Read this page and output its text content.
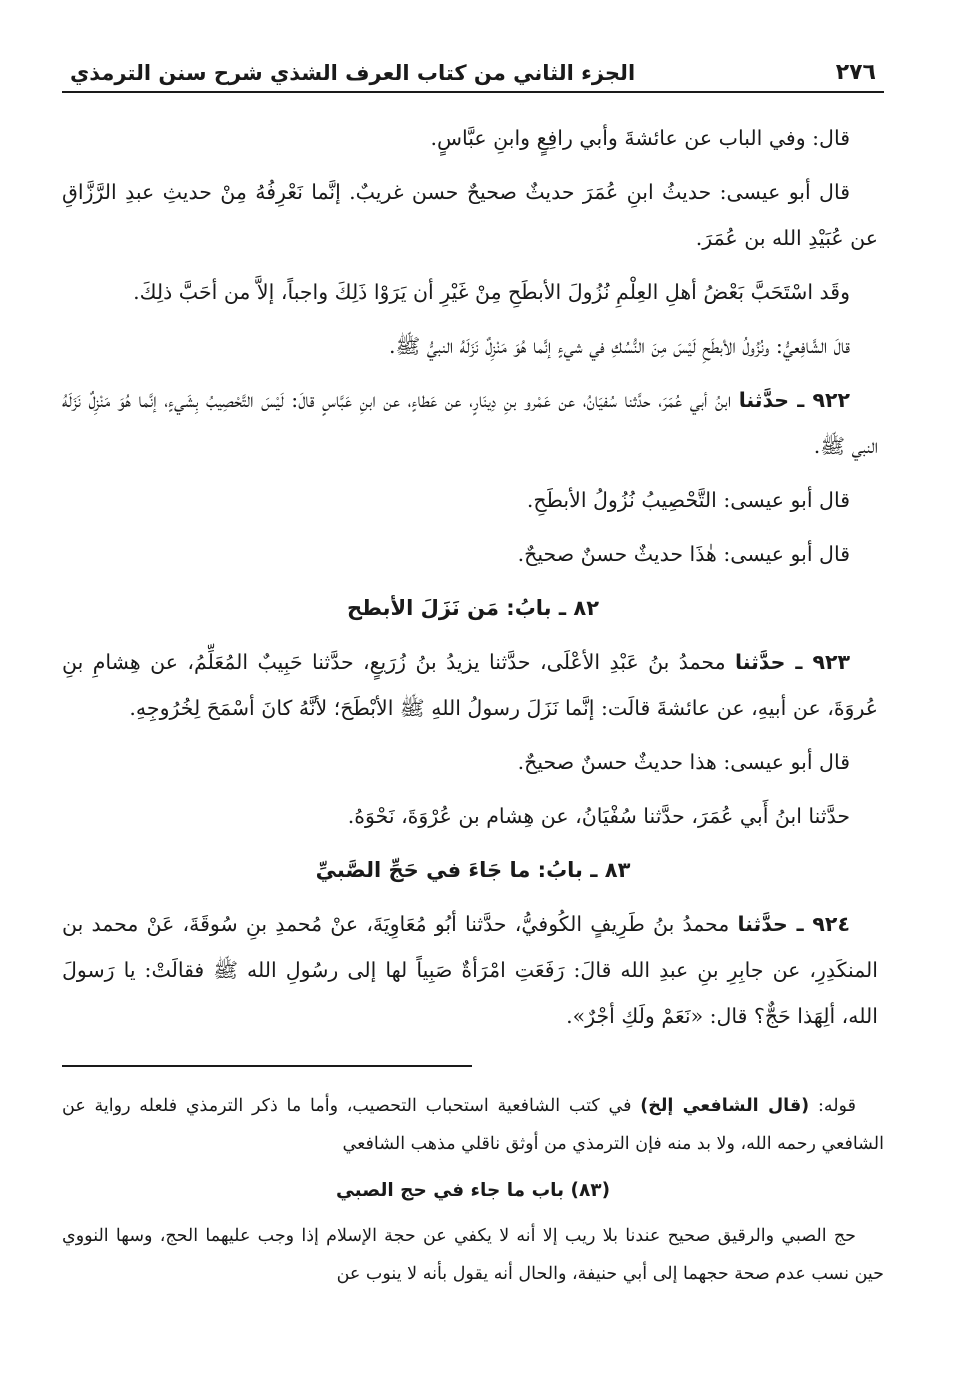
٢٧٦
الجزء الثاني من كتاب العرف الشذي شرح سنن الترمذي

قال: وفي الباب عن عائشةَ وأبي رافِعٍ وابنِ عبَّاسٍ.

قال أبو عيسى: حديثُ ابنِ عُمَرَ حديثٌ صحيحٌ حسن غريبٌ. إنَّما نَعْرِفُهُ مِنْ حديثِ عبدِ الرَّزَّاقِ عن عُبَيْدِ الله بن عُمَرَ.

وقَد اسْتَحَبَّ بَعْضُ أهلِ العِلْمِ نُزُولَ الأبطَحِ مِنْ غَيْرِ أن يَرَوْا ذَلِكَ واجباً، إلاَّ من أحَبَّ ذلِكَ.

قالَ الشَّافِعيُّ: ونُزُولُ الأبطَحِ لَيْسَ مِنَ النُّسُكِ في شيءٍ إنَّما هُوَ مَنْزِلٌ نَزَلَهُ النبيُّ ﷺ.

٩٢٢ ـ حدَّثنا ابنُ أبي عُمَرَ، حدَّثنا سُفيَانُ، عن عَمْرو بنِ دِينَارٍ، عن عَطاءٍ، عن ابنِ عَبَّاسٍ قالَ: لَيْسَ التَّحْصِيبُ بِشَيءٍ، إنَّما هُوَ مَنْزِلٌ نَزَلَهُ النبي ﷺ.

قال أبو عيسى: التَّحْصِيبُ نُزُولُ الأبطَحِ.

قال أبو عيسى: هٰذَا حديثٌ حسنٌ صحيحٌ.

٨٢ ـ بابُ: مَن نَزَلَ الأبطح

٩٢٣ ـ حدَّثنا محمدُ بنُ عَبْدِ الأعْلَى، حدَّثنا يزيدُ بنُ زُرَيعٍ، حدَّثنا حَبِيبٌ المُعَلِّمُ، عن هِشامِ بنِ عُروَةَ، عن أبيهِ، عن عائشةَ قالَت: إنَّما نَزَلَ رسولُ اللهِ ﷺ الأبْطَحَ؛ لأنَّهُ كانَ أسْمَحَ لِخُرُوجِهِ.

قال أبو عيسى: هذا حديثٌ حسنٌ صحيحٌ.

حدَّثنا ابنُ أَبي عُمَرَ، حدَّثنا سُفْيَانُ، عن هِشام بن عُرْوَةَ، نَحْوَهُ.

٨٣ ـ بابُ: ما جَاءَ في حَجِّ الصَّبيِّ

٩٢٤ ـ حدَّثنا محمدُ بنُ طَرِيفٍ الكُوفيُّ، حدَّثنا أبُو مُعَاوِيَةَ، عنْ مُحمدِ بنِ سُوقَةَ، عَنْ محمد بن المنكَدِرِ، عن جابِرِ بنِ عبدِ الله قالَ: رَفَعَتِ امْرَأةٌ صَبِياً لها إلى رسُولِ الله ﷺ فقالَتْ: يا رَسولَ الله، ألِهَذا حَجٌّ؟ قال: «نَعَمْ ولَكِ أجْرٌ».

قوله: (قال الشافعي إلخ) في كتب الشافعية استحباب التحصيب، وأما ما ذكر الترمذي فلعله رواية عن الشافعي رحمه الله، ولا بد منه فإن الترمذي من أوثق ناقلي مذهب الشافعي

(٨٣) باب ما جاء في حج الصبي

حج الصبي والرقيق صحيح عندنا بلا ريب إلا أنه لا يكفي عن حجة الإسلام إذا وجب عليهما الحج، وسها النووي حين نسب عدم صحة حجهما إلى أبي حنيفة، والحال أنه يقول بأنه لا ينوب عن
